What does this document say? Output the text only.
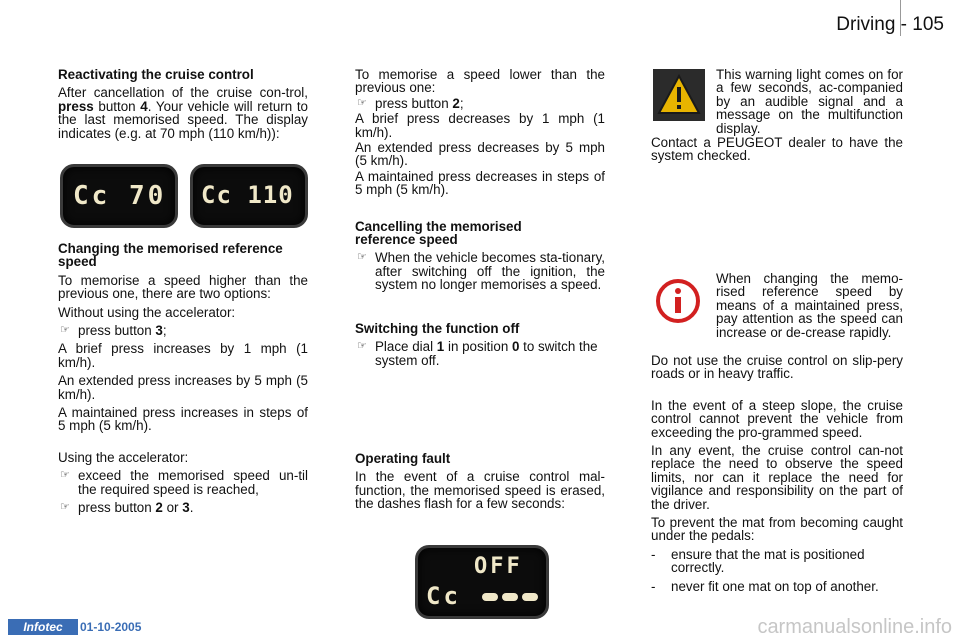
Driving - 105

Reactivating the cruise control

After cancellation of the cruise con-trol, press button 4. Your vehicle will return to the last memorised speed. The display indicates (e.g. at 70 mph (110 km/h)):

Cc 70 Cc 110

Changing the memorised reference speed

To memorise a speed higher than the previous one, there are two options:

Without using the accelerator:

☞ press button 3;

A brief press increases by 1 mph (1 km/h).

An extended press increases by 5 mph (5 km/h).

A maintained press increases in steps of 5 mph (5 km/h).

Using the accelerator:

☞ exceed the memorised speed un-til the required speed is reached,

☞ press button 2 or 3.

To memorise a speed lower than the previous one:

☞ press button 2;

A brief press decreases by 1 mph (1 km/h).

An extended press decreases by 5 mph (5 km/h).

A maintained press decreases in steps of 5 mph (5 km/h).

Cancelling the memorised reference speed

☞ When the vehicle becomes sta-tionary, after switching off the ignition, the system no longer memorises a speed.

Switching the function off

☞ Place dial 1 in position 0 to switch the system off.

Operating fault

In the event of a cruise control mal-function, the memorised speed is erased, the dashes flash for a few seconds:

OFF
Cc

This warning light comes on for a few seconds, ac-companied by an audible signal and a message on the multifunction display.

Contact a PEUGEOT dealer to have the system checked.

When changing the memo-rised reference speed by means of a maintained press, pay attention as the speed can increase or de-crease rapidly.

Do not use the cruise control on slip-pery roads or in heavy traffic.

In the event of a steep slope, the cruise control cannot prevent the vehicle from exceeding the pro-grammed speed.

In any event, the cruise control can-not replace the need to observe the speed limits, nor can it replace the need for vigilance and responsibility on the part of the driver.

To prevent the mat from becoming caught under the pedals:

- ensure that the mat is positioned correctly.

- never fit one mat on top of another.

Infotec	01-10-2005	carmanualsonline.info
